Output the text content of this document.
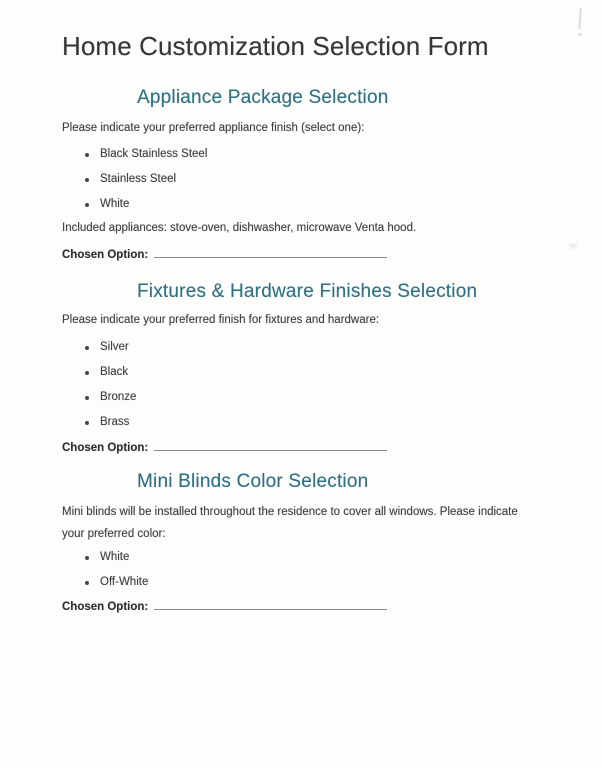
Home Customization Selection Form
Appliance Package Selection

Please indicate your preferred appliance finish (select one):

Black Stainless Steel
Stainless Steel
White

Included appliances: stove-oven, dishwasher, microwave Venta hood.

Chosen Option:
Fixtures & Hardware Finishes Selection

Please indicate your preferred finish for fixtures and hardware:

Silver
Black
Bronze
Brass
Chosen Option:
Mini Blinds Color Selection

Mini blinds will be installed throughout the residence to cover all windows. Please indicate

your preferred color:

White
Off-White
Chosen Option:
